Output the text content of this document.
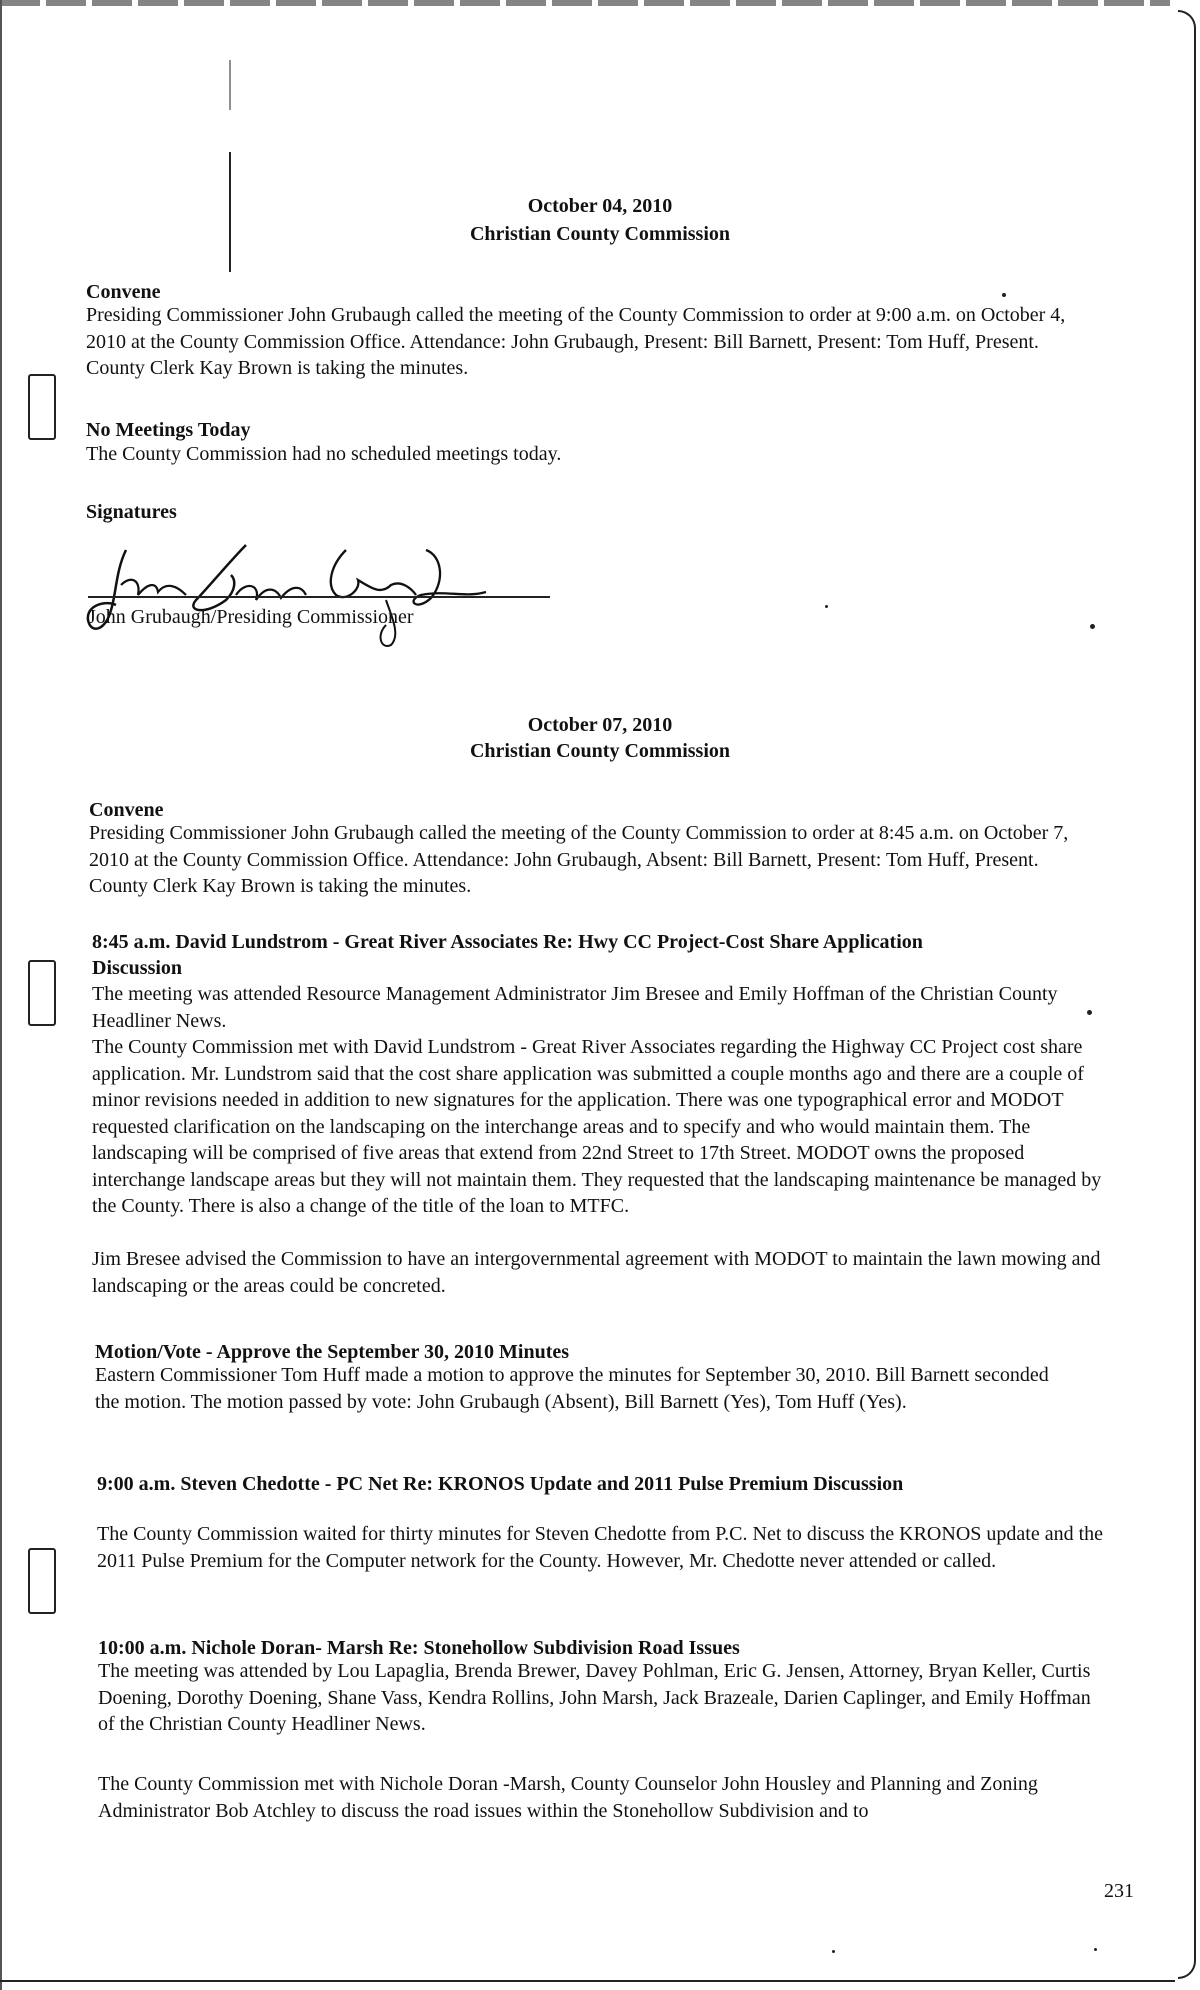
October 04, 2010
Christian County Commission
Convene
Presiding Commissioner John Grubaugh called the meeting of the County Commission to order at 9:00 a.m. on October 4, 2010 at the County Commission Office. Attendance: John Grubaugh, Present: Bill Barnett, Present: Tom Huff, Present. County Clerk Kay Brown is taking the minutes.
No Meetings Today
The County Commission had no scheduled meetings today.
Signatures
John Grubaugh/Presiding Commissioner
October 07, 2010
Christian County Commission
Convene
Presiding Commissioner John Grubaugh called the meeting of the County Commission to order at 8:45 a.m. on October 7, 2010 at the County Commission Office. Attendance: John Grubaugh, Absent: Bill Barnett, Present: Tom Huff, Present. County Clerk Kay Brown is taking the minutes.
8:45 a.m. David Lundstrom - Great River Associates Re: Hwy CC Project-Cost Share Application Discussion
The meeting was attended Resource Management Administrator Jim Bresee and Emily Hoffman of the Christian County Headliner News.
The County Commission met with David Lundstrom - Great River Associates regarding the Highway CC Project cost share application. Mr. Lundstrom said that the cost share application was submitted a couple months ago and there are a couple of minor revisions needed in addition to new signatures for the application. There was one typographical error and MODOT requested clarification on the landscaping on the interchange areas and to specify and who would maintain them. The landscaping will be comprised of five areas that extend from 22nd Street to 17th Street. MODOT owns the proposed interchange landscape areas but they will not maintain them. They requested that the landscaping maintenance be managed by the County. There is also a change of the title of the loan to MTFC.
Jim Bresee advised the Commission to have an intergovernmental agreement with MODOT to maintain the lawn mowing and landscaping or the areas could be concreted.
Motion/Vote - Approve the September 30, 2010 Minutes
Eastern Commissioner Tom Huff made a motion to approve the minutes for September 30, 2010. Bill Barnett seconded the motion. The motion passed by vote: John Grubaugh (Absent), Bill Barnett (Yes), Tom Huff (Yes).
9:00 a.m. Steven Chedotte - PC Net Re: KRONOS Update and 2011 Pulse Premium Discussion
The County Commission waited for thirty minutes for Steven Chedotte from P.C. Net to discuss the KRONOS update and the 2011 Pulse Premium for the Computer network for the County. However, Mr. Chedotte never attended or called.
10:00 a.m. Nichole Doran- Marsh Re: Stonehollow Subdivision Road Issues
The meeting was attended by Lou Lapaglia, Brenda Brewer, Davey Pohlman, Eric G. Jensen, Attorney, Bryan Keller, Curtis Doening, Dorothy Doening, Shane Vass, Kendra Rollins, John Marsh, Jack Brazeale, Darien Caplinger, and Emily Hoffman of the Christian County Headliner News.
The County Commission met with Nichole Doran -Marsh, County Counselor John Housley and Planning and Zoning Administrator Bob Atchley to discuss the road issues within the Stonehollow Subdivision and to
231
